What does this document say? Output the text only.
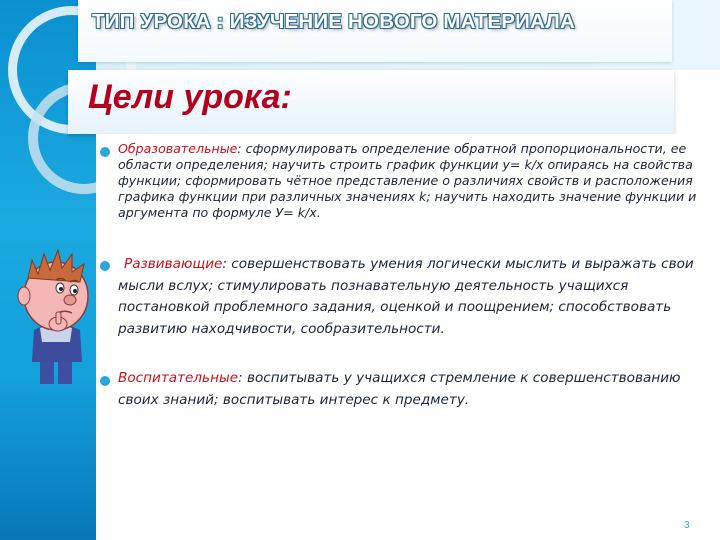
ТИП УРОКА : ИЗУЧЕНИЕ НОВОГО МАТЕРИАЛА
Цели урока:
Образовательные: сформулировать определение обратной пропорциональности, ее области определения; научить строить график функции y= k/x опираясь на свойства функции; сформировать чётное представление о различиях свойств и расположения графика функции при различных значениях k; научить находить значение функции и аргумента по формуле У= k/x.
Развивающие: совершенствовать умения логически мыслить и выражать свои мысли вслух; стимулировать познавательную деятельность учащихся постановкой проблемного задания, оценкой и поощрением; способствовать развитию находчивости, сообразительности.
Воспитательные: воспитывать у учащихся стремление к совершенствованию своих знаний; воспитывать интерес к предмету.
3
